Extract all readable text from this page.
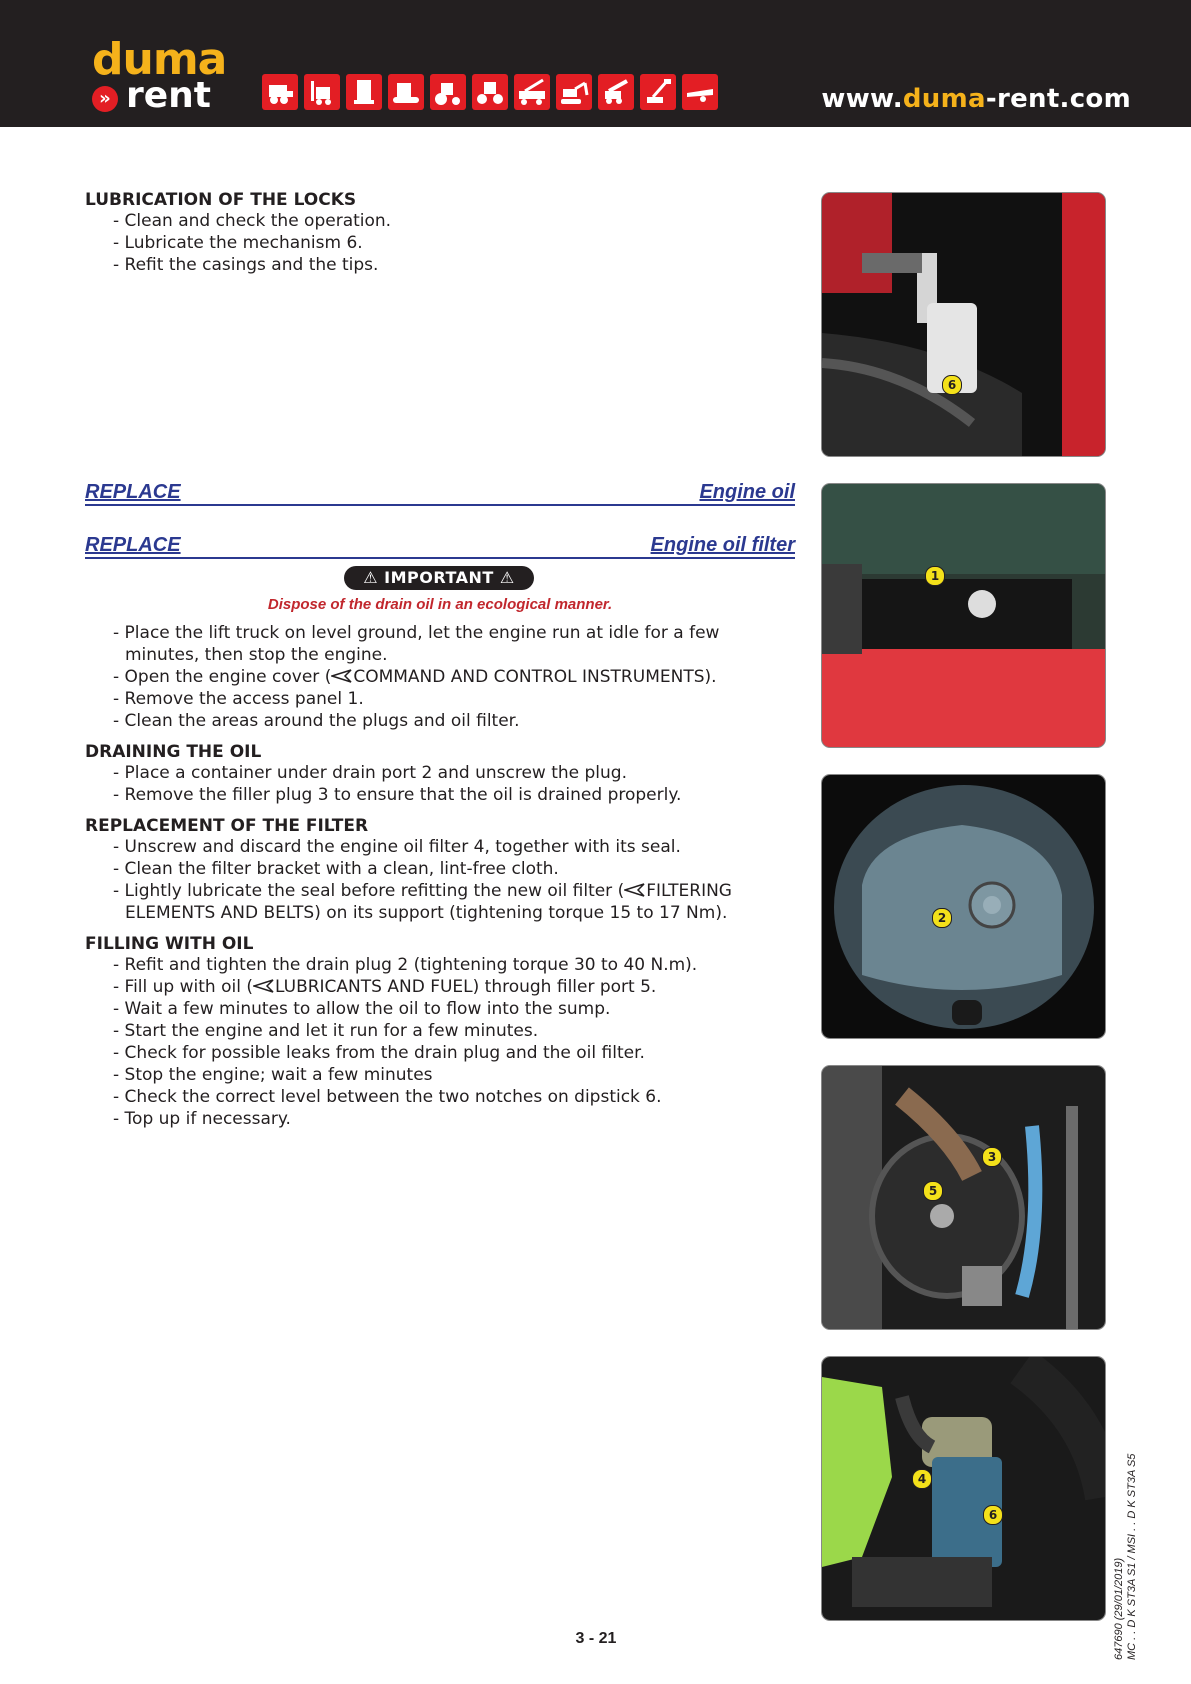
duma
» rent	www.duma-rent.com
LUBRICATION OF THE LOCKS
- Clean and check the operation.
- Lubricate the mechanism 6.
- Refit the casings and the tips.
REPLACE	Engine oil
REPLACE	Engine oil filter
⚠ IMPORTANT ⚠
Dispose of the drain oil in an ecological manner.
- Place the lift truck on level ground, let the engine run at idle for a few minutes, then stop the engine.
- Open the engine cover ( COMMAND AND CONTROL INSTRUMENTS).
- Remove the access panel 1.
- Clean the areas around the plugs and oil filter.
DRAINING THE OIL
- Place a container under drain port 2 and unscrew the plug.
- Remove the filler plug 3 to ensure that the oil is drained properly.
REPLACEMENT OF THE FILTER
- Unscrew and discard the engine oil filter 4, together with its seal.
- Clean the filter bracket with a clean, lint-free cloth.
- Lightly lubricate the seal before refitting the new oil filter ( FILTERING ELEMENTS AND BELTS) on its support (tightening torque 15 to 17 Nm).
FILLING WITH OIL
- Refit and tighten the drain plug 2 (tightening torque 30 to 40 N.m).
- Fill up with oil ( LUBRICANTS AND FUEL) through filler port 5.
- Wait a few minutes to allow the oil to flow into the sump.
- Start the engine and let it run for a few minutes.
- Check for possible leaks from the drain plug and the oil filter.
- Stop the engine; wait a few minutes
- Check the correct level between the two notches on dipstick 6.
- Top up if necessary.
6
1
2
3
5
4
6
3 - 21	647690 (29/01/2019) MC . . D K ST3A S1 / MSI . . D K ST3A S5
